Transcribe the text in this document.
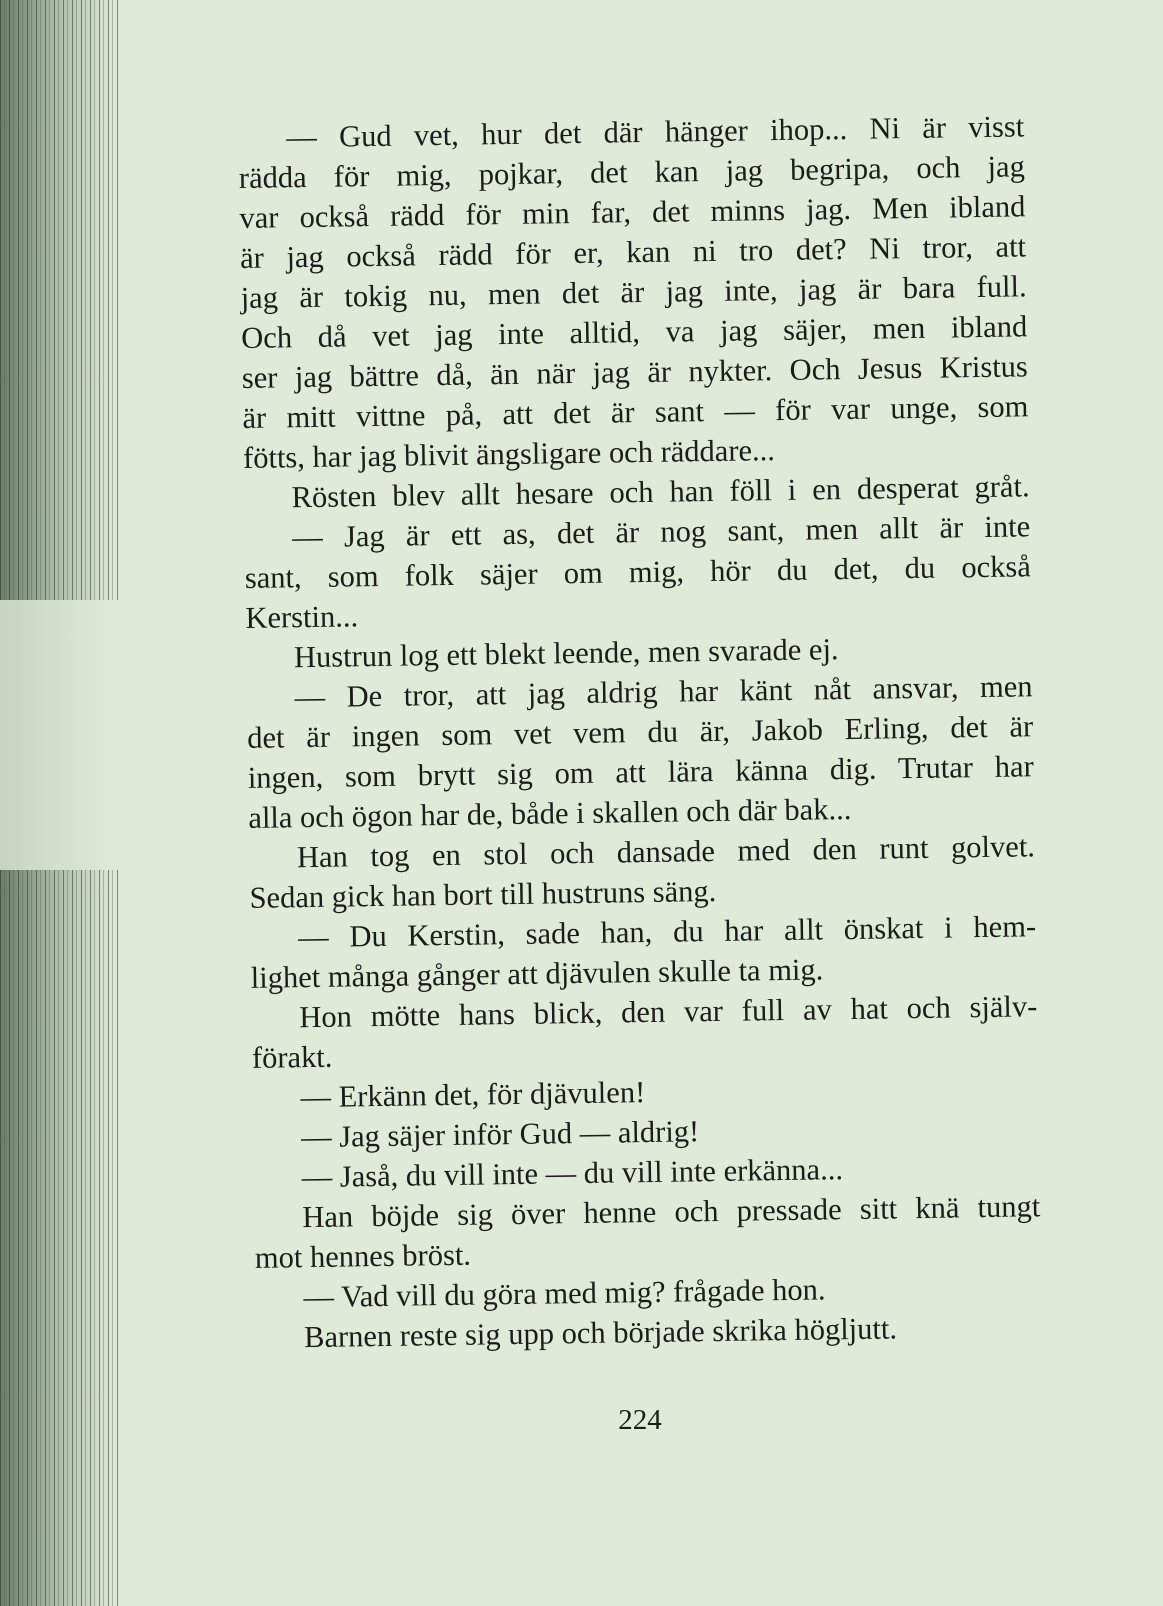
— Gud vet, hur det där hänger ihop... Ni är visst
rädda för mig, pojkar, det kan jag begripa, och jag
var också rädd för min far, det minns jag. Men ibland
är jag också rädd för er, kan ni tro det? Ni tror, att
jag är tokig nu, men det är jag inte, jag är bara full.
Och då vet jag inte alltid, va jag säjer, men ibland
ser jag bättre då, än när jag är nykter. Och Jesus Kristus
är mitt vittne på, att det är sant — för var unge, som
fötts, har jag blivit ängsligare och räddare...
Rösten blev allt hesare och han föll i en desperat gråt.
— Jag är ett as, det är nog sant, men allt är inte
sant, som folk säjer om mig, hör du det, du också
Kerstin...
Hustrun log ett blekt leende, men svarade ej.
— De tror, att jag aldrig har känt nåt ansvar, men
det är ingen som vet vem du är, Jakob Erling, det är
ingen, som brytt sig om att lära känna dig. Trutar har
alla och ögon har de, både i skallen och där bak...
Han tog en stol och dansade med den runt golvet.
Sedan gick han bort till hustruns säng.
— Du Kerstin, sade han, du har allt önskat i hem-
lighet många gånger att djävulen skulle ta mig.
Hon mötte hans blick, den var full av hat och själv-
förakt.
— Erkänn det, för djävulen!
— Jag säjer inför Gud — aldrig!
— Jaså, du vill inte — du vill inte erkänna...
Han böjde sig över henne och pressade sitt knä tungt
mot hennes bröst.
— Vad vill du göra med mig? frågade hon.
Barnen reste sig upp och började skrika högljutt.
224
